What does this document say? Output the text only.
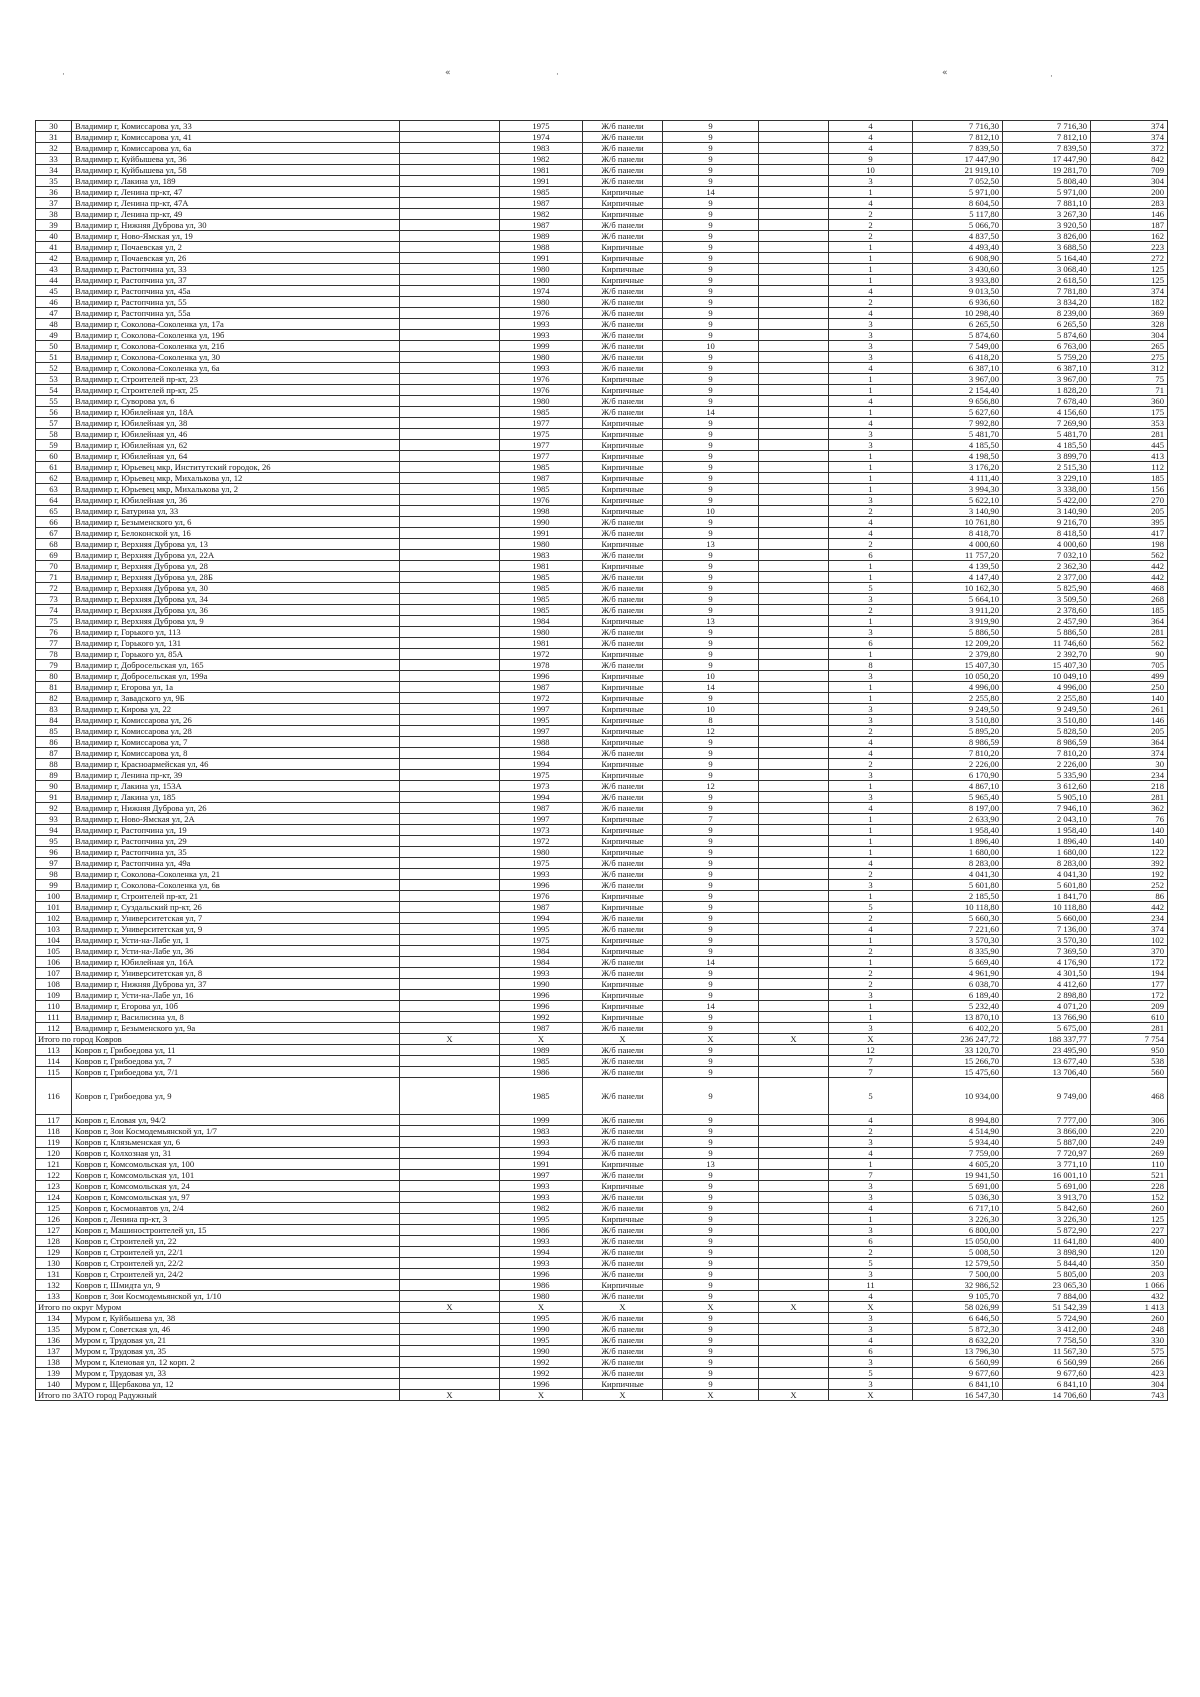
·	«	·	«	·
30	Владимир г, Комиссарова ул, 33		1975	Ж/б панели	9		4	7 716,30	7 716,30	374
31	Владимир г, Комиссарова ул, 41		1974	Ж/б панели	9		4	7 812,10	7 812,10	374
32	Владимир г, Комиссарова ул, 6а		1983	Ж/б панели	9		4	7 839,50	7 839,50	372
33	Владимир г, Куйбышева ул, 36		1982	Ж/б панели	9		9	17 447,90	17 447,90	842
34	Владимир г, Куйбышева ул, 58		1981	Ж/б панели	9		10	21 919,10	19 281,70	709
35	Владимир г, Лакина ул, 189		1991	Ж/б панели	9		3	7 052,50	5 808,40	304
36	Владимир г, Ленина пр-кт, 47		1985	Кирпичные	14		1	5 971,00	5 971,00	200
37	Владимир г, Ленина пр-кт, 47А		1987	Кирпичные	9		4	8 604,50	7 881,10	283
38	Владимир г, Ленина пр-кт, 49		1982	Кирпичные	9		2	5 117,80	3 267,30	146
39	Владимир г, Нижняя Дуброва ул, 30		1987	Ж/б панели	9		2	5 066,70	3 920,50	187
40	Владимир г, Ново-Ямская ул, 19		1989	Ж/б панели	9		2	4 837,50	3 826,00	162
41	Владимир г, Почаевская ул, 2		1988	Кирпичные	9		1	4 493,40	3 688,50	223
42	Владимир г, Почаевская ул, 26		1991	Кирпичные	9		1	6 908,90	5 164,40	272
43	Владимир г, Растопчина ул, 33		1980	Кирпичные	9		1	3 430,60	3 068,40	125
44	Владимир г, Растопчина ул, 37		1980	Кирпичные	9		1	3 933,80	2 618,50	125
45	Владимир г, Растопчина ул, 45а		1974	Ж/б панели	9		4	9 013,50	7 781,80	374
46	Владимир г, Растопчина ул, 55		1980	Ж/б панели	9		2	6 936,60	3 834,20	182
47	Владимир г, Растопчина ул, 55а		1976	Ж/б панели	9		4	10 298,40	8 239,00	369
48	Владимир г, Соколова-Соколенка ул, 17а		1993	Ж/б панели	9		3	6 265,50	6 265,50	328
49	Владимир г, Соколова-Соколенка ул, 19б		1993	Ж/б панели	9		3	5 874,60	5 874,60	304
50	Владимир г, Соколова-Соколенка ул, 21б		1999	Ж/б панели	10		3	7 549,00	6 763,00	265
51	Владимир г, Соколова-Соколенка ул, 30		1980	Ж/б панели	9		3	6 418,20	5 759,20	275
52	Владимир г, Соколова-Соколенка ул, 6а		1993	Ж/б панели	9		4	6 387,10	6 387,10	312
53	Владимир г, Строителей пр-кт, 23		1976	Кирпичные	9		1	3 967,00	3 967,00	75
54	Владимир г, Строителей пр-кт, 25		1976	Кирпичные	9		1	2 154,40	1 828,20	71
55	Владимир г, Суворова ул, 6		1980	Ж/б панели	9		4	9 656,80	7 678,40	360
56	Владимир г, Юбилейная ул, 18А		1985	Ж/б панели	14		1	5 627,60	4 156,60	175
57	Владимир г, Юбилейная ул, 38		1977	Кирпичные	9		4	7 992,80	7 269,90	353
58	Владимир г, Юбилейная ул, 46		1975	Кирпичные	9		3	5 481,70	5 481,70	281
59	Владимир г, Юбилейная ул, 62		1977	Кирпичные	9		3	4 185,50	4 185,50	445
60	Владимир г, Юбилейная ул, 64		1977	Кирпичные	9		1	4 198,50	3 899,70	413
61	Владимир г, Юрьевец мкр, Институтский городок, 26		1985	Кирпичные	9		1	3 176,20	2 515,30	112
62	Владимир г, Юрьевец мкр, Михалькова ул, 12		1987	Кирпичные	9		1	4 111,40	3 229,10	185
63	Владимир г, Юрьевец мкр, Михалькова ул, 2		1985	Кирпичные	9		1	3 994,30	3 338,00	156
64	Владимир г, Юбилейная ул, 36		1976	Кирпичные	9		3	5 622,10	5 422,00	270
65	Владимир г, Батурина ул, 33		1998	Кирпичные	10		2	3 140,90	3 140,90	205
66	Владимир г, Безыменского ул, 6		1990	Ж/б панели	9		4	10 761,80	9 216,70	395
67	Владимир г, Белоконской ул, 16		1991	Ж/б панели	9		4	8 418,70	8 418,50	417
68	Владимир г, Верхняя Дуброва ул, 13		1980	Кирпичные	13		2	4 000,60	4 000,60	198
69	Владимир г, Верхняя Дуброва ул, 22А		1983	Ж/б панели	9		6	11 757,20	7 032,10	562
70	Владимир г, Верхняя Дуброва ул, 28		1981	Кирпичные	9		1	4 139,50	2 362,30	442
71	Владимир г, Верхняя Дуброва ул, 28Б		1985	Ж/б панели	9		1	4 147,40	2 377,00	442
72	Владимир г, Верхняя Дуброва ул, 30		1985	Ж/б панели	9		5	10 162,30	5 825,90	468
73	Владимир г, Верхняя Дуброва ул, 34		1985	Ж/б панели	9		3	5 664,10	3 509,50	268
74	Владимир г, Верхняя Дуброва ул, 36		1985	Ж/б панели	9		2	3 911,20	2 378,60	185
75	Владимир г, Верхняя Дуброва ул, 9		1984	Кирпичные	13		1	3 919,90	2 457,90	364
76	Владимир г, Горького ул, 113		1980	Ж/б панели	9		3	5 886,50	5 886,50	281
77	Владимир г, Горького ул, 131		1981	Ж/б панели	9		6	12 209,20	11 746,60	562
78	Владимир г, Горького ул, 85А		1972	Кирпичные	9		1	2 379,80	2 392,70	90
79	Владимир г, Добросельская ул, 165		1978	Ж/б панели	9		8	15 407,30	15 407,30	705
80	Владимир г, Добросельская ул, 199а		1996	Кирпичные	10		3	10 050,20	10 049,10	499
81	Владимир г, Егорова ул, 1а		1987	Кирпичные	14		1	4 996,00	4 996,00	250
82	Владимир г, Завадского ул, 9Б		1972	Кирпичные	9		1	2 255,80	2 255,80	140
83	Владимир г, Кирова ул, 22		1997	Кирпичные	10		3	9 249,50	9 249,50	261
84	Владимир г, Комиссарова ул, 26		1995	Кирпичные	8		3	3 510,80	3 510,80	146
85	Владимир г, Комиссарова ул, 28		1997	Кирпичные	12		2	5 895,20	5 828,50	205
86	Владимир г, Комиссарова ул, 7		1988	Кирпичные	9		4	8 986,59	8 986,59	364
87	Владимир г, Комиссарова ул, 8		1984	Ж/б панели	9		4	7 810,20	7 810,20	374
88	Владимир г, Красноармейская ул, 46		1994	Кирпичные	9		2	2 226,00	2 226,00	30
89	Владимир г, Ленина пр-кт, 39		1975	Кирпичные	9		3	6 170,90	5 335,90	234
90	Владимир г, Лакина ул, 153А		1973	Ж/б панели	12		1	4 867,10	3 612,60	218
91	Владимир г, Лакина ул, 185		1994	Ж/б панели	9		3	5 965,40	5 905,10	281
92	Владимир г, Нижняя Дуброва ул, 26		1987	Ж/б панели	9		4	8 197,00	7 946,10	362
93	Владимир г, Ново-Ямская ул, 2А		1997	Кирпичные	7		1	2 633,90	2 043,10	76
94	Владимир г, Растопчина ул, 19		1973	Кирпичные	9		1	1 958,40	1 958,40	140
95	Владимир г, Растопчина ул, 29		1972	Кирпичные	9		1	1 896,40	1 896,40	140
96	Владимир г, Растопчина ул, 35		1980	Кирпичные	9		1	1 680,00	1 680,00	122
97	Владимир г, Растопчина ул, 49а		1975	Ж/б панели	9		4	8 283,00	8 283,00	392
98	Владимир г, Соколова-Соколенка ул, 21		1993	Ж/б панели	9		2	4 041,30	4 041,30	192
99	Владимир г, Соколова-Соколенка ул, 6в		1996	Ж/б панели	9		3	5 601,80	5 601,80	252
100	Владимир г, Строителей пр-кт, 21		1976	Кирпичные	9		1	2 185,50	1 841,70	86
101	Владимир г, Суздальский пр-кт, 26		1987	Кирпичные	9		5	10 118,80	10 118,80	442
102	Владимир г, Университетская ул, 7		1994	Ж/б панели	9		2	5 660,30	5 660,00	234
103	Владимир г, Университетская ул, 9		1995	Ж/б панели	9		4	7 221,60	7 136,00	374
104	Владимир г, Усти-на-Лабе ул, 1		1975	Кирпичные	9		1	3 570,30	3 570,30	102
105	Владимир г, Усти-на-Лабе ул, 36		1984	Кирпичные	9		2	8 335,90	7 369,50	370
106	Владимир г, Юбилейная ул, 16А		1984	Ж/б панели	14		1	5 669,40	4 176,90	172
107	Владимир г, Университетская ул, 8		1993	Ж/б панели	9		2	4 961,90	4 301,50	194
108	Владимир г, Нижняя Дуброва ул, 37		1990	Кирпичные	9		2	6 038,70	4 412,60	177
109	Владимир г, Усти-на-Лабе ул, 16		1996	Кирпичные	9		3	6 189,40	2 898,80	172
110	Владимир г, Егорова ул, 10б		1996	Кирпичные	14		1	5 232,40	4 071,20	209
111	Владимир г, Василисина ул, 8		1992	Кирпичные	9		1	13 870,10	13 766,90	610
112	Владимир г, Безыменского ул, 9а		1987	Ж/б панели	9		3	6 402,20	5 675,00	281
Итого по город Ковров		X	X	X	X	X	X	236 247,72	188 337,77	7 754
113	Ковров г, Грибоедова ул, 11		1989	Ж/б панели	9		12	33 120,70	23 495,90	950
114	Ковров г, Грибоедова ул, 7		1985	Ж/б панели	9		7	15 266,70	13 677,40	538
115	Ковров г, Грибоедова ул, 7/1		1986	Ж/б панели	9		7	15 475,60	13 706,40	560
116	Ковров г, Грибоедова ул, 9		1985	Ж/б панели	9		5	10 934,00	9 749,00	468
117	Ковров г, Еловая ул, 94/2		1999	Ж/б панели	9		4	8 994,80	7 777,00	306
118	Ковров г, Зои Космодемьянской ул, 1/7		1983	Ж/б панели	9		2	4 514,90	3 866,00	220
119	Ковров г, Клязьменская ул, 6		1993	Ж/б панели	9		3	5 934,40	5 887,00	249
120	Ковров г, Колхозная ул, 31		1994	Ж/б панели	9		4	7 759,00	7 720,97	269
121	Ковров г, Комсомольская ул, 100		1991	Кирпичные	13		1	4 605,20	3 771,10	110
122	Ковров г, Комсомольская ул, 101		1997	Ж/б панели	9		7	19 941,50	16 001,10	521
123	Ковров г, Комсомольская ул, 24		1993	Кирпичные	9		3	5 691,00	5 691,00	228
124	Ковров г, Комсомольская ул, 97		1993	Ж/б панели	9		3	5 036,30	3 913,70	152
125	Ковров г, Космонавтов ул, 2/4		1982	Ж/б панели	9		4	6 717,10	5 842,60	260
126	Ковров г, Ленина пр-кт, 3		1995	Кирпичные	9		1	3 226,30	3 226,30	125
127	Ковров г, Машиностроителей ул, 15		1986	Ж/б панели	9		3	6 800,00	5 872,90	227
128	Ковров г, Строителей ул, 22		1993	Ж/б панели	9		6	15 050,00	11 641,80	400
129	Ковров г, Строителей ул, 22/1		1994	Ж/б панели	9		2	5 008,50	3 898,90	120
130	Ковров г, Строителей ул, 22/2		1993	Ж/б панели	9		5	12 579,50	5 844,40	350
131	Ковров г, Строителей ул, 24/2		1996	Ж/б панели	9		3	7 500,00	5 805,00	203
132	Ковров г, Шмидта ул, 9		1986	Кирпичные	9		11	32 986,52	23 065,30	1 066
133	Ковров г, Зои Космодемьянской ул, 1/10		1980	Ж/б панели	9		4	9 105,70	7 884,00	432
Итого по округ Муром		X	X	X	X	X	X	58 026,99	51 542,39	1 413
134	Муром г, Куйбышева ул, 38		1995	Ж/б панели	9		3	6 646,50	5 724,90	260
135	Муром г, Советская ул, 46		1990	Ж/б панели	9		3	5 872,30	3 412,00	248
136	Муром г, Трудовая ул, 21		1995	Ж/б панели	9		4	8 632,20	7 758,50	330
137	Муром г, Трудовая ул, 35		1990	Ж/б панели	9		6	13 796,30	11 567,30	575
138	Муром г, Кленовая ул, 12 корп. 2		1992	Ж/б панели	9		3	6 560,99	6 560,99	266
139	Муром г, Трудовая ул, 33		1992	Ж/б панели	9		5	9 677,60	9 677,60	423
140	Муром г, Щербакова ул, 12		1996	Кирпичные	9		3	6 841,10	6 841,10	304
Итого по ЗАТО город Радужный		X	X	X	X	X	X	16 547,30	14 706,60	743
